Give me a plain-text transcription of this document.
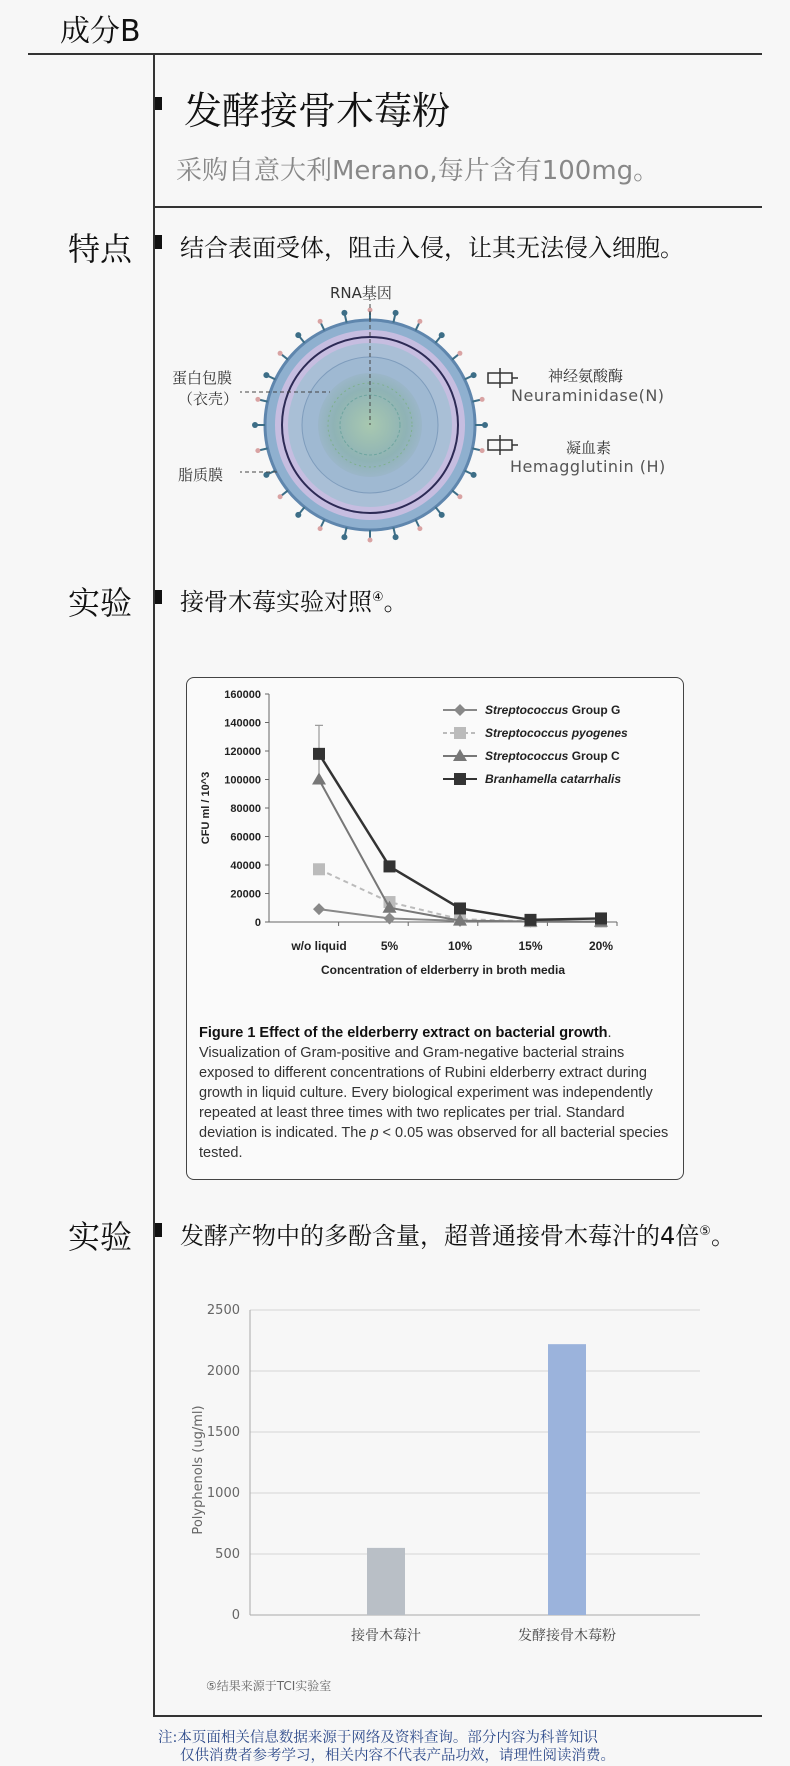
成分B
发酵接骨木莓粉
采购自意大利Merano,每片含有100mg。
特点 结合表面受体，阻击入侵，让其无法侵入细胞。
RNA基因
蛋白包膜
（衣壳）
脂质膜
神经氨酸酶
Neuraminidase(N)
凝血素
Hemagglutinin (H)
实验 接骨木莓实验对照④。
0
20000
40000
60000
80000
100000
120000
140000
160000
w/o liquid	5%	10%	15%	20%
Concentration of elderberry in broth media
CFU ml / 10^3
Streptococcus Group G
Streptococcus pyogenes
Streptococcus Group C
Branhamella catarrhalis
Figure 1 Effect of the elderberry extract on bacterial growth. Visualization of Gram-positive and Gram-negative bacterial strains exposed to different concentrations of Rubini elderberry extract during growth in liquid culture. Every biological experiment was independently repeated at least three times with two replicates per trial. Standard deviation is indicated. The p < 0.05 was observed for all bacterial species tested.
实验 发酵产物中的多酚含量，超普通接骨木莓汁的4倍⑤。
0
500
1000
1500
2000
2500
Polyphenols (ug/ml)
接骨木莓汁	发酵接骨木莓粉
⑤结果来源于TCI实验室
注:本页面相关信息数据来源于网络及资料查询。部分内容为科普知识
仅供消费者参考学习，相关内容不代表产品功效，请理性阅读消费。
